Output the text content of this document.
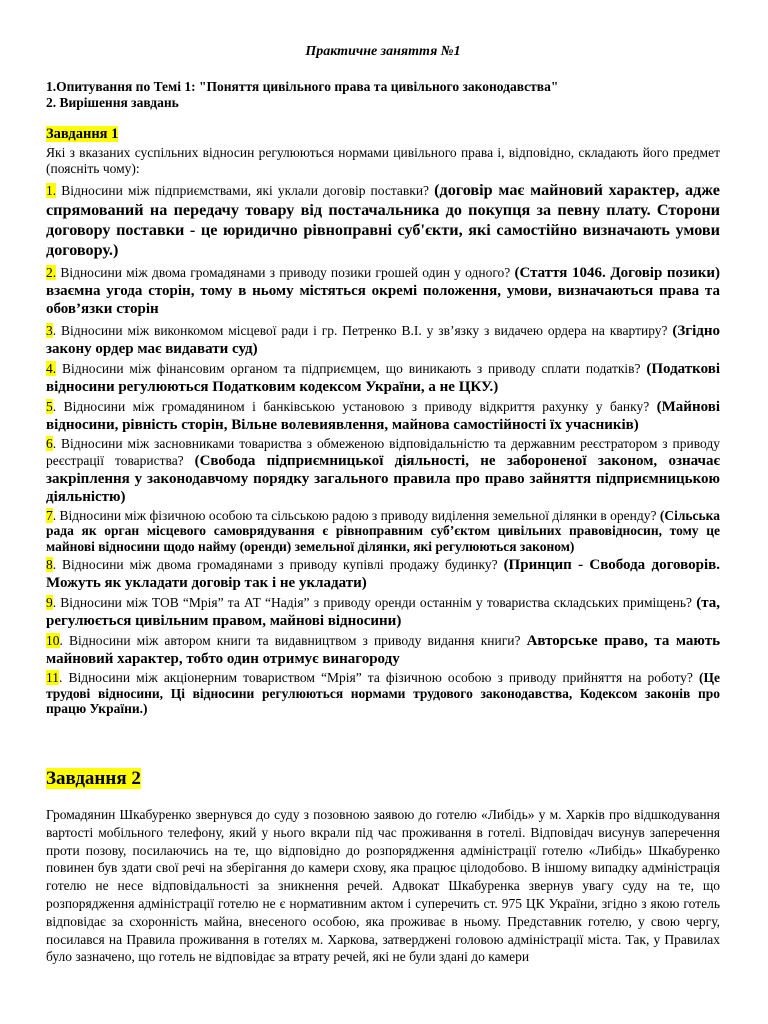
Практичне заняття №1
1.Опитування по Темі 1: "Поняття цивільного права та цивільного законодавства"
2. Вирішення завдань
Завдання 1
Які з вказаних суспільних відносин регулюються нормами цивільного права і, відповідно, складають його предмет (поясніть чому):

1. Відносини між підприємствами, які уклали договір поставки? (договір має майновий характер, адже спрямований на передачу товару від постачальника до покупця за певну плату. Сторони договору поставки - це юридично рівноправні суб'єкти, які самостійно визначають умови договору.)

2. Відносини між двома громадянами з приводу позики грошей один у одного? (Стаття 1046. Договір позики) взаємна угода сторін, тому в ньому містяться окремі положення, умови, визначаються права та обов’язки сторін

3. Відносини між виконкомом місцевої ради і гр. Петренко В.І. у зв’язку з видачею ордера на квартиру? (Згідно закону ордер має видавати суд)

4. Відносини між фінансовим органом та підприємцем, що виникають з приводу сплати податків? (Податкові відносини регулюються Податковим кодексом України, а не ЦКУ.)

5. Відносини між громадянином і банківською установою з приводу відкриття рахунку у банку? (Майнові відносини, рівність сторін, Вільне волевиявлення, майнова самостійності їх учасників)

6. Відносини між засновниками товариства з обмеженою відповідальністю та державним реєстратором з приводу реєстрації товариства? (Свобода підприємницької діяльності, не забороненої законом, означає закріплення у законодавчому порядку загального правила про право зайняття підприємницькою діяльністю)

7. Відносини між фізичною особою та сільською радою з приводу виділення земельної ділянки в оренду? (Сільська рада як орган місцевого самоврядування є рівноправним суб’єктом цивільних правовідносин, тому це майнові відносини щодо найму (оренди) земельної ділянки, які регулюються законом)

8. Відносини між двома громадянами з приводу купівлі продажу будинку? (Принцип - Свобода договорів. Можуть як укладати договір так і не укладати)

9. Відносини між ТОВ “Мрія” та АТ “Надія” з приводу оренди останнім у товариства складських приміщень? (та, регулюється цивільним правом, майнові відносини)

10. Відносини між автором книги та видавництвом з приводу видання книги? Авторське право, та мають майновий характер, тобто один отримує винагороду

11. Відносини між акціонерним товариством “Мрія” та фізичною особою з приводу прийняття на роботу? (Це трудові відносини, Ці відносини регулюються нормами трудового законодавства, Кодексом законів про працю України.)

Завдання 2
Громадянин Шкабуренко звернувся до суду з позовною заявою до готелю «Либідь» у м. Харків про відшкодування вартості мобільного телефону, який у нього вкрали під час проживання в готелі. Відповідач висунув заперечення проти позову, посилаючись на те, що відповідно до розпорядження адміністрації готелю «Либідь» Шкабуренко повинен був здати свої речі на зберігання до камери схову, яка працює цілодобово. В іншому випадку адміністрація готелю не несе відповідальності за зникнення речей. Адвокат Шкабуренка звернув увагу суду на те, що розпорядження адміністрації готелю не є нормативним актом і суперечить ст. 975 ЦК України, згідно з якою готель відповідає за схоронність майна, внесеного особою, яка проживає в ньому. Представник готелю, у свою чергу, посилався на Правила проживання в готелях м. Харкова, затверджені головою адміністрації міста. Так, у Правилах було зазначено, що готель не відповідає за втрату речей, які не були здані до камери
